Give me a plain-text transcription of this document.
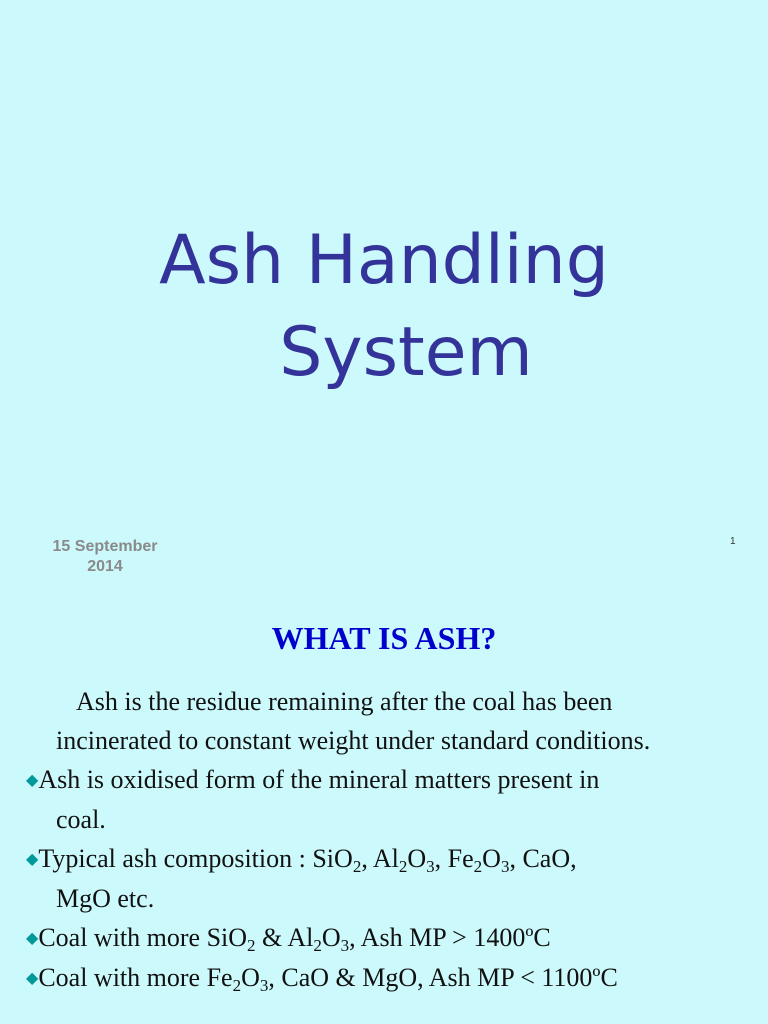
Ash Handling
System
15 September
2014
1
WHAT IS ASH?

Ash is the residue remaining after the coal has been

incinerated to constant weight under standard conditions.

◆Ash is oxidised form of the mineral matters present in
coal.

◆Typical ash composition : SiO$_2$, $Al_2O_3$, $Fe_2O_3$, CaO,
MgO etc.

◆Coal with more SiO$_2$ & $Al_2O_3$, Ash MP > 1400ºC

◆Coal with more $Fe_2O_3$, CaO & MgO, Ash MP < 1100ºC
